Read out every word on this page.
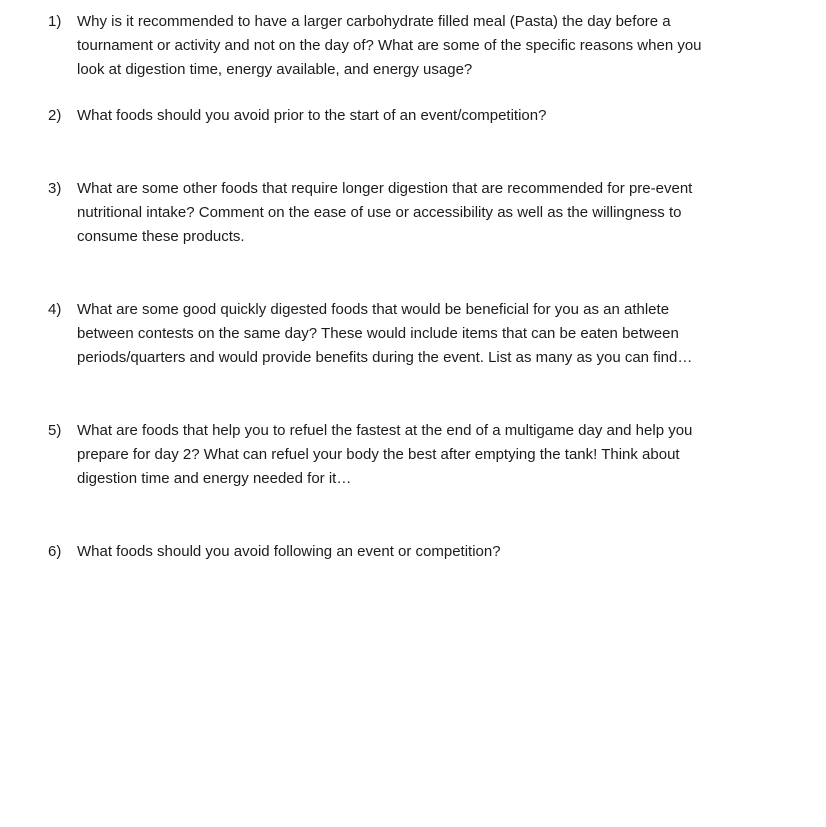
1)	Why is it recommended to have a larger carbohydrate filled meal (Pasta) the day before a
tournament or activity and not on the day of? What are some of the specific reasons when you
look at digestion time, energy available, and energy usage?
2)	What foods should you avoid prior to the start of an event/competition?
3)	What are some other foods that require longer digestion that are recommended for pre-event
nutritional intake? Comment on the ease of use or accessibility as well as the willingness to
consume these products.
4)	What are some good quickly digested foods that would be beneficial for you as an athlete
between contests on the same day? These would include items that can be eaten between
periods/quarters and would provide benefits during the event. List as many as you can find…
5)	What are foods that help you to refuel the fastest at the end of a multigame day and help you
prepare for day 2? What can refuel your body the best after emptying the tank! Think about
digestion time and energy needed for it…
6)	What foods should you avoid following an event or competition?
